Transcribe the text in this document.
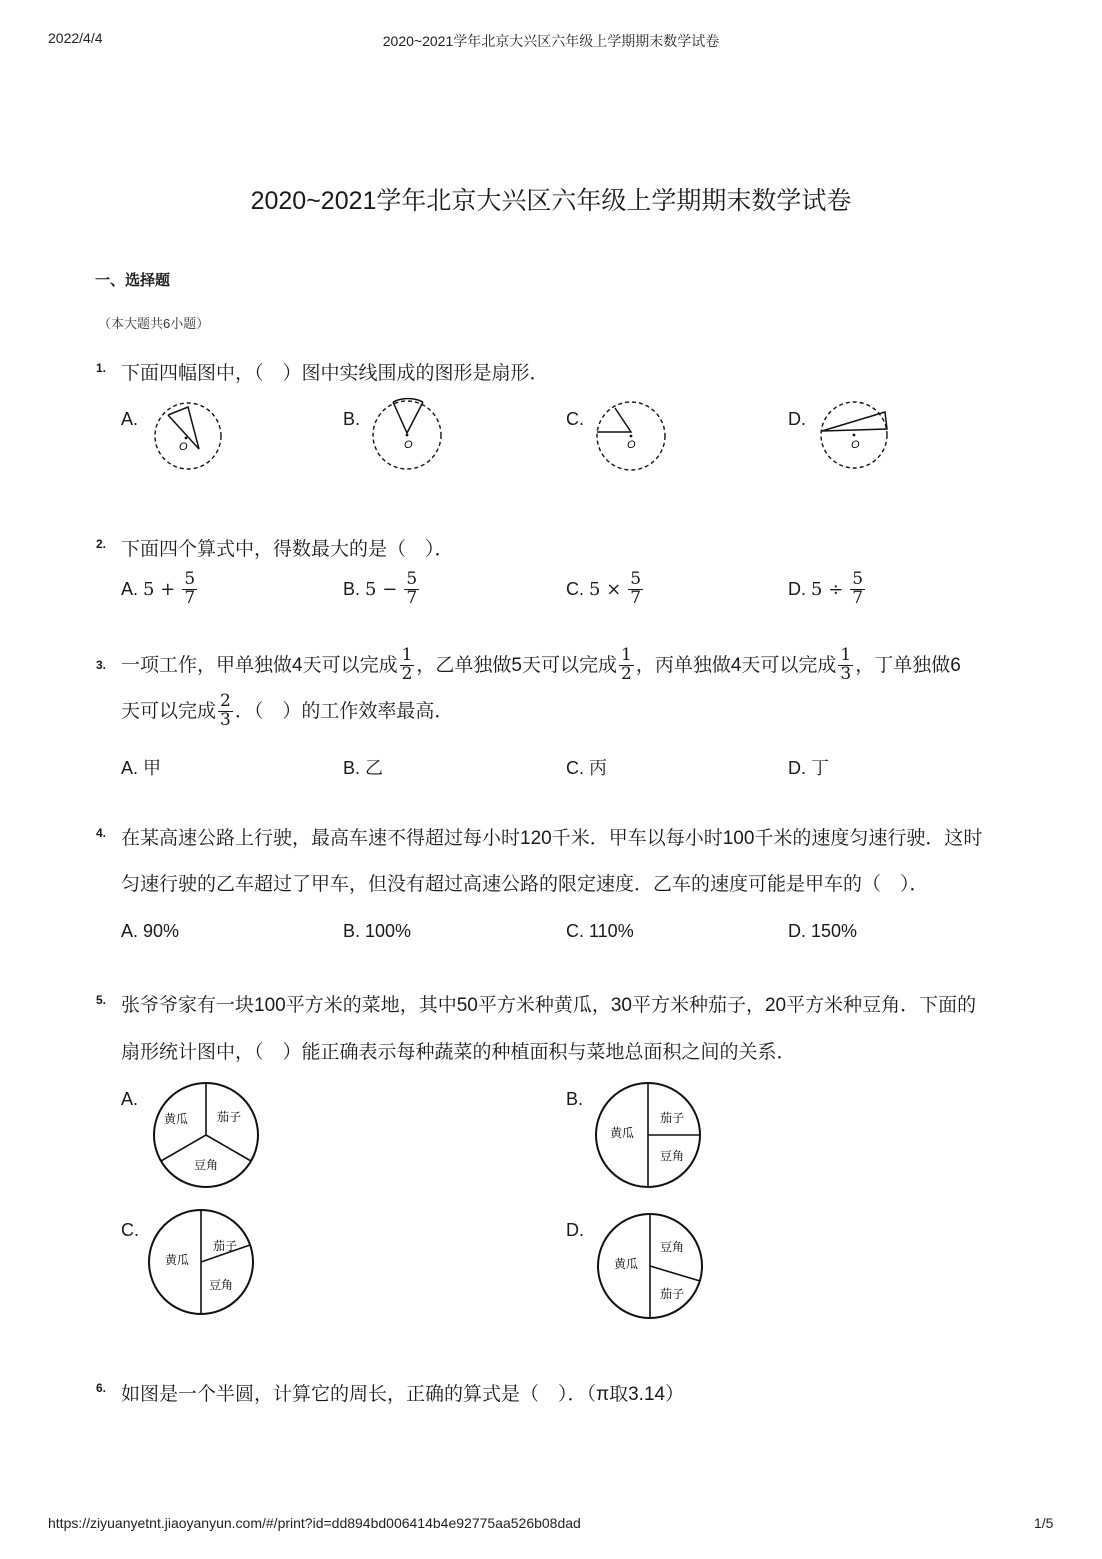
2022/4/4	2020~2021学年北京大兴区六年级上学期期末数学试卷
https://ziyuanyetnt.jiaoyanyun.com/#/print?id=dd894bd006414b4e92775aa526b08dad	1/5
2020~2021学年北京大兴区六年级上学期期末数学试卷
一、选择题
（本大题共6小题）
1. 下面四幅图中，（　）图中实线围成的图形是扇形．
A.	B.	C.	D.
O	O	O	O
2. 下面四个算式中，得数最大的是（　）．
A. $5 + \frac{5}{7}$	B. $5 - \frac{5}{7}$	C. $5 \times \frac{5}{7}$	D. $5 \div \frac{5}{7}$
3. 一项工作，甲单独做4天可以完成 $\frac{1}{2}$ ，乙单独做5天可以完成 $\frac{1}{2}$ ，丙单独做4天可以完成 $\frac{1}{3}$ ，丁单独做6
天可以完成 $\frac{2}{3}$ ．（　）的工作效率最高．
A. 甲	B. 乙	C. 丙	D. 丁
4. 在某高速公路上行驶，最高车速不得超过每小时120千米．甲车以每小时100千米的速度匀速行驶．这时
匀速行驶的乙车超过了甲车，但没有超过高速公路的限定速度．乙车的速度可能是甲车的（　）．
A. 90%	B. 100%	C. 110%	D. 150%
5. 张爷爷家有一块100平方米的菜地，其中50平方米种黄瓜，30平方米种茄子，20平方米种豆角．下面的
扇形统计图中，（　）能正确表示每种蔬菜的种植面积与菜地总面积之间的关系．
A.
黄瓜 茄子
豆角
B.
黄瓜
茄子
豆角
C.
黄瓜
茄子
豆角
D.
黄瓜
豆角
茄子
6. 如图是一个半圆，计算它的周长，正确的算式是（　）．（π取3.14）
